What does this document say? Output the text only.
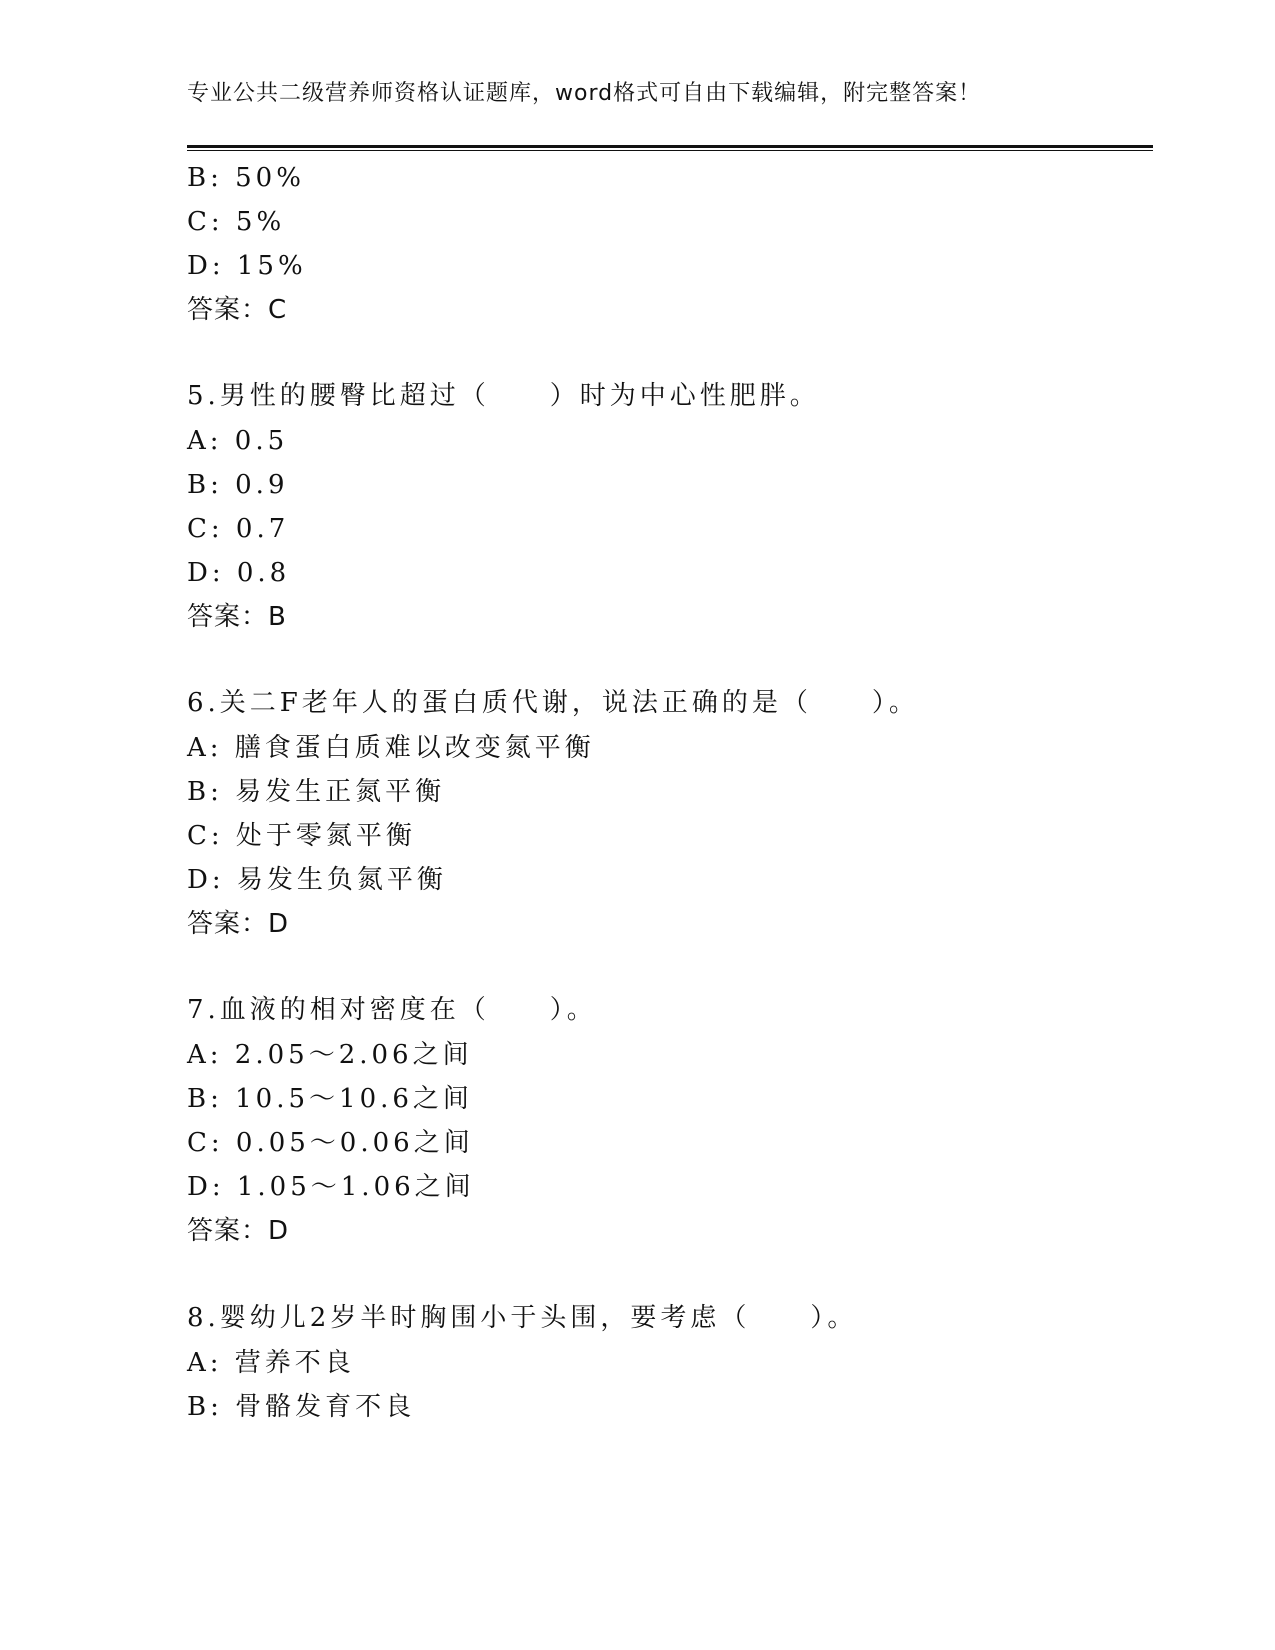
专业公共二级营养师资格认证题库，word格式可自由下载编辑，附完整答案！
B: 50%
C: 5%
D: 15%
答案：C
5.男性的腰臀比超过（　　）时为中心性肥胖。
A: 0.5
B: 0.9
C: 0.7
D: 0.8
答案：B
6.关二F老年人的蛋白质代谢，说法正确的是（　　）。
A: 膳食蛋白质难以改变氮平衡
B: 易发生正氮平衡
C: 处于零氮平衡
D: 易发生负氮平衡
答案：D
7.血液的相对密度在（　　）。
A: 2.05～2.06之间
B: 10.5～10.6之间
C: 0.05～0.06之间
D: 1.05～1.06之间
答案：D
8.婴幼儿2岁半时胸围小于头围，要考虑（　　）。
A: 营养不良
B: 骨骼发育不良
